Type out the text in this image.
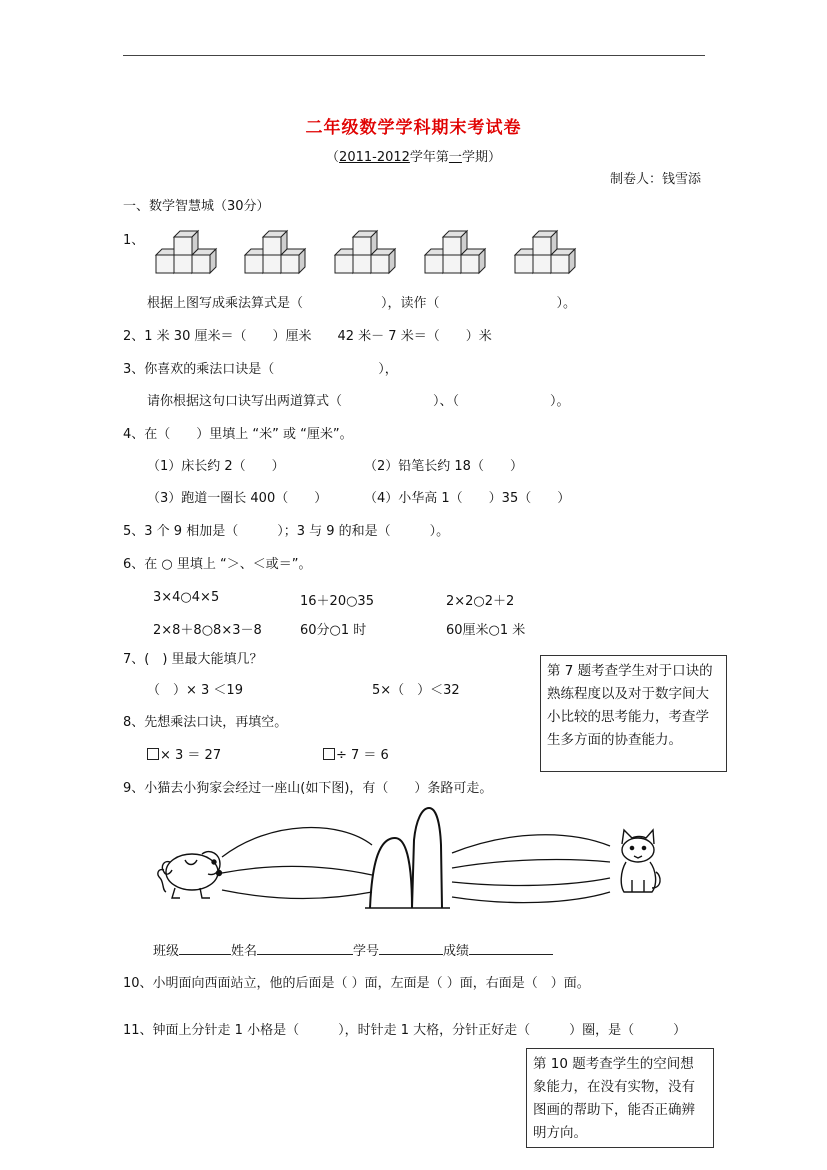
二年级数学学科期末考试卷
（2011-2012学年第一学期）
制卷人：钱雪添
一、数学智慧城（30分）
1、
根据上图写成乘法算式是（　　　　　　），读作（　　　　　　　　　）。
2、1 米 30 厘米＝（　　）厘米　　42 米－ 7 米＝（　　）米
3、你喜欢的乘法口诀是（　　　　　　　　），
请你根据这句口诀写出两道算式（　　　　　　　）、（　　　　　　　）。
4、在（　　）里填上 “米” 或 “厘米”。
（1）床长约 2（　　）	（2）铅笔长约 18（　　）
（3）跑道一圈长 400（　　）	（4）小华高 1（　　）35（　　）
5、3 个 9 相加是（　　　）；3 与 9 的和是（　　　）。
6、在 ○ 里填上 “＞、＜或＝”。
3×4○4×5	16＋20○35	2×2○2＋2
2×8＋8○8×3－8	60分○1 时	60厘米○1 米
7、(　) 里最大能填几？
（　）× 3 ＜19	5×（　）＜32
第 7 题考查学生对于口诀的熟练程度以及对于数字间大小比较的思考能力，考查学生多方面的协查能力。
8、先想乘法口诀，再填空。
× 3 ＝ 27	÷ 7 ＝ 6
9、小猫去小狗家会经过一座山(如下图)，有（　　）条路可走。
班级	姓名	学号	成绩
10、小明面向西面站立，他的后面是（ ）面，左面是（ ）面，右面是（　）面。
11、钟面上分针走 1 小格是（　　　），时针走 1 大格，分针正好走（　　　）圈，是（　　　）
第 10 题考查学生的空间想象能力，在没有实物，没有图画的帮助下，能否正确辨明方向。
